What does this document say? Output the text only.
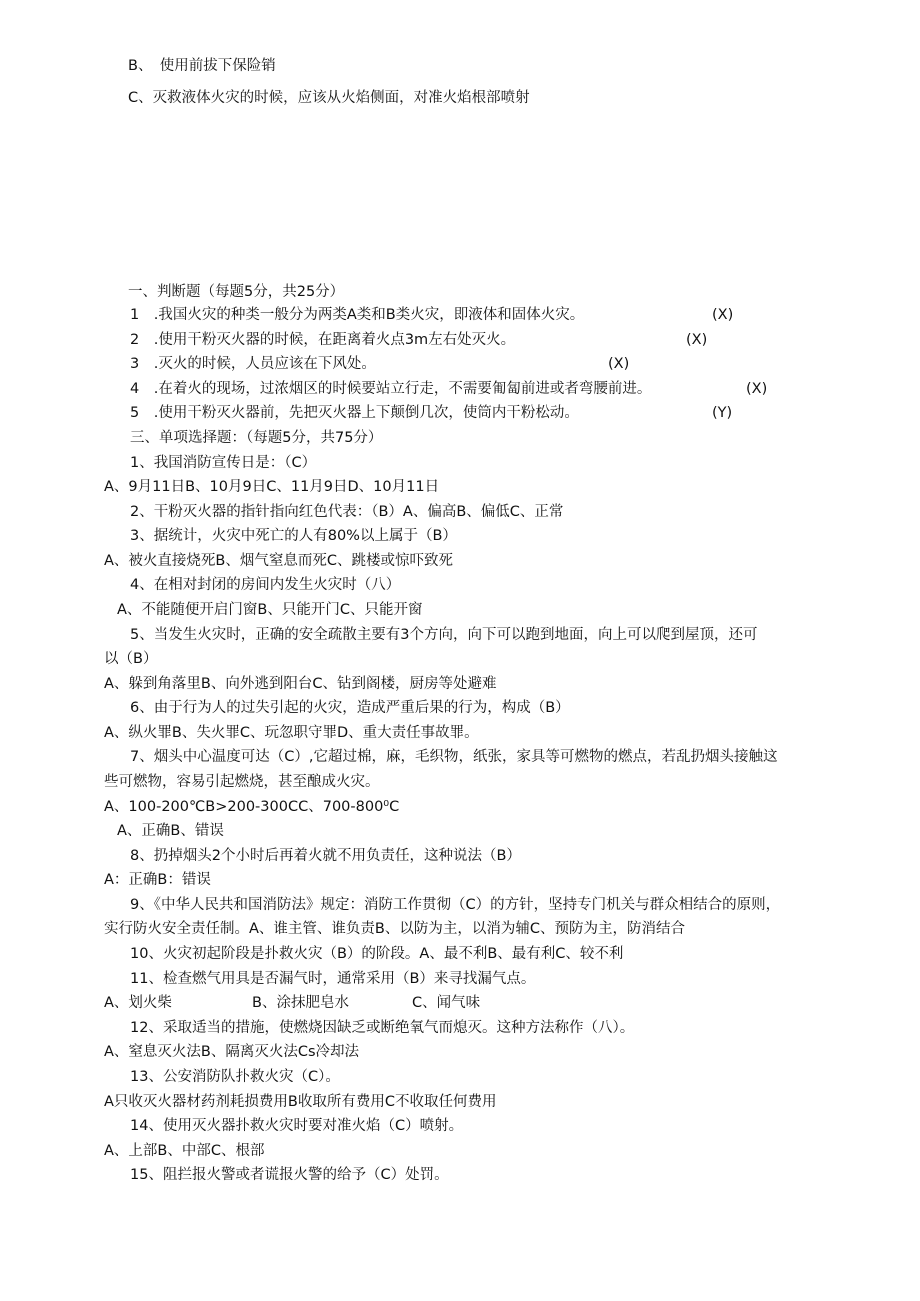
B、　使用前拔下保险销
C、灭救液体火灾的时候，应该从火焰侧面，对准火焰根部喷射
一、判断题（每题5分，共25分）
1　.我国火灾的种类一般分为两类A类和B类火灾，即液体和固体火灾。	(X)
2　.使用干粉灭火器的时候，在距离着火点3m左右处灭火。	(X)
3　.灭火的时候，人员应该在下风处。	(X)
4　.在着火的现场，过浓烟区的时候要站立行走，不需要匍匐前进或者弯腰前进。	(X)
5　.使用干粉灭火器前，先把灭火器上下颠倒几次，使筒内干粉松动。	(Y)
三、单项选择题：（每题5分，共75分）
1、我国消防宣传日是：（C）
A、9月11日B、10月9日C、11月9日D、10月11日
2、干粉灭火器的指针指向红色代表：（B）A、偏高B、偏低C、正常
3、据统计，火灾中死亡的人有80%以上属于（B）
A、被火直接烧死B、烟气窒息而死C、跳楼或惊吓致死
4、在相对封闭的房间内发生火灾时（八）
A、不能随便开启门窗B、只能开门C、只能开窗
5、当发生火灾时，正确的安全疏散主要有3个方向，向下可以跑到地面，向上可以爬到屋顶，还可
以（B）
A、躲到角落里B、向外逃到阳台C、钻到阁楼，厨房等处避难
6、由于行为人的过失引起的火灾，造成严重后果的行为，构成（B）
A、纵火罪B、失火罪C、玩忽职守罪D、重大责任事故罪。
7、烟头中心温度可达（C）,它超过棉，麻，毛织物，纸张，家具等可燃物的燃点，若乱扔烟头接触这
些可燃物，容易引起燃烧，甚至酿成火灾。
A、100-200℃B>200-300CC、700-800⁰C
A、正确B、错误
8、扔掉烟头2个小时后再着火就不用负责任，这种说法（B）
A：正确B：错误
9、《中华人民共和国消防法》规定：消防工作贯彻（C）的方针，坚持专门机关与群众相结合的原则，
实行防火安全责任制。A、谁主管、谁负责B、以防为主，以消为辅C、预防为主，防消结合
10、火灾初起阶段是扑救火灾（B）的阶段。A、最不利B、最有利C、较不利
11、检查燃气用具是否漏气时，通常采用（B）来寻找漏气点。
A、划火柴	B、涂抹肥皂水	C、闻气味
12、采取适当的措施，使燃烧因缺乏或断绝氧气而熄灭。这种方法称作（八）。
A、窒息灭火法B、隔离灭火法Cs冷却法
13、公安消防队扑救火灾（C）。
A只收灭火器材药剂耗损费用B收取所有费用C不收取任何费用
14、使用灭火器扑救火灾时要对准火焰（C）喷射。
A、上部B、中部C、根部
15、阻拦报火警或者谎报火警的给予（C）处罚。
